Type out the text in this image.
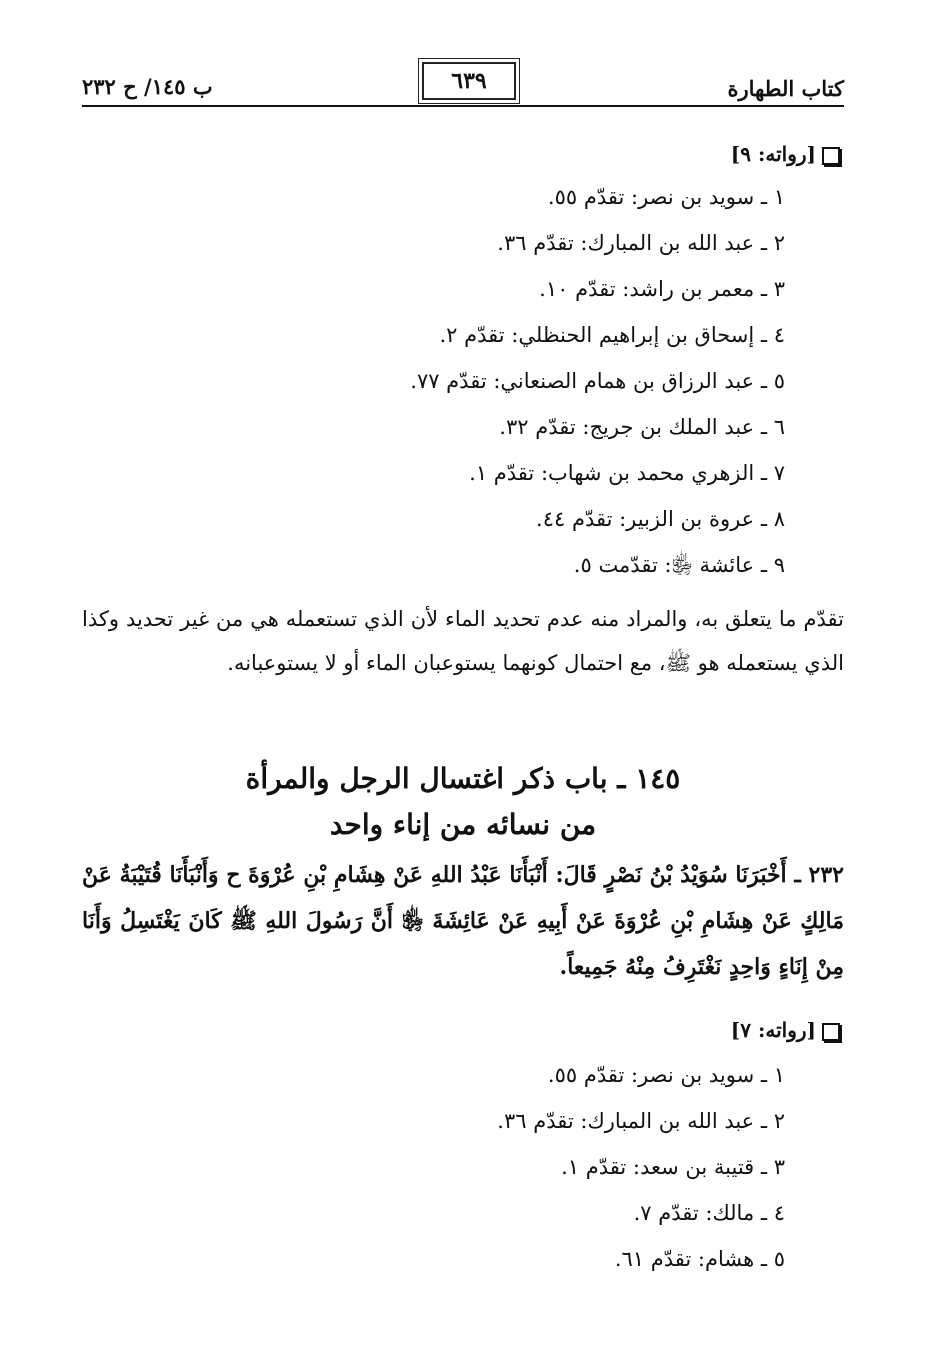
كتاب الطهارة
٦٣٩
ب ١٤٥/ ح ٢٣٢
[رواته: ٩]
١ ـ سويد بن نصر: تقدّم ٥٥.
٢ ـ عبد الله بن المبارك: تقدّم ٣٦.
٣ ـ معمر بن راشد: تقدّم ١٠.
٤ ـ إسحاق بن إبراهيم الحنظلي: تقدّم ٢.
٥ ـ عبد الرزاق بن همام الصنعاني: تقدّم ٧٧.
٦ ـ عبد الملك بن جريج: تقدّم ٣٢.
٧ ـ الزهري محمد بن شهاب: تقدّم ١.
٨ ـ عروة بن الزبير: تقدّم ٤٤.
٩ ـ عائشة ﵂: تقدّمت ٥.

تقدّم ما يتعلق به، والمراد منه عدم تحديد الماء لأن الذي تستعمله هي من غير تحديد وكذا الذي يستعمله هو ﷺ، مع احتمال كونهما يستوعبان الماء أو لا يستوعبانه.

١٤٥ ـ باب ذكر اغتسال الرجل والمرأة
من نسائه من إناء واحد

٢٣٢ ـ أَخْبَرَنَا سُوَيْدُ بْنُ نَصْرٍ قَالَ: أَنْبَأَنَا عَبْدُ اللهِ عَنْ هِشَامِ بْنِ عُرْوَةَ ح وَأَنْبَأَنَا قُتَيْبَةُ عَنْ مَالِكٍ عَنْ هِشَامِ بْنِ عُرْوَةَ عَنْ أَبِيهِ عَنْ عَائِشَةَ ﵂ أَنَّ رَسُولَ اللهِ ﷺ كَانَ يَغْتَسِلُ وَأَنَا مِنْ إِنَاءٍ وَاحِدٍ نَغْتَرِفُ مِنْهُ جَمِيعاً.

[رواته: ٧]
١ ـ سويد بن نصر: تقدّم ٥٥.
٢ ـ عبد الله بن المبارك: تقدّم ٣٦.
٣ ـ قتيبة بن سعد: تقدّم ١.
٤ ـ مالك: تقدّم ٧.
٥ ـ هشام: تقدّم ٦١.
